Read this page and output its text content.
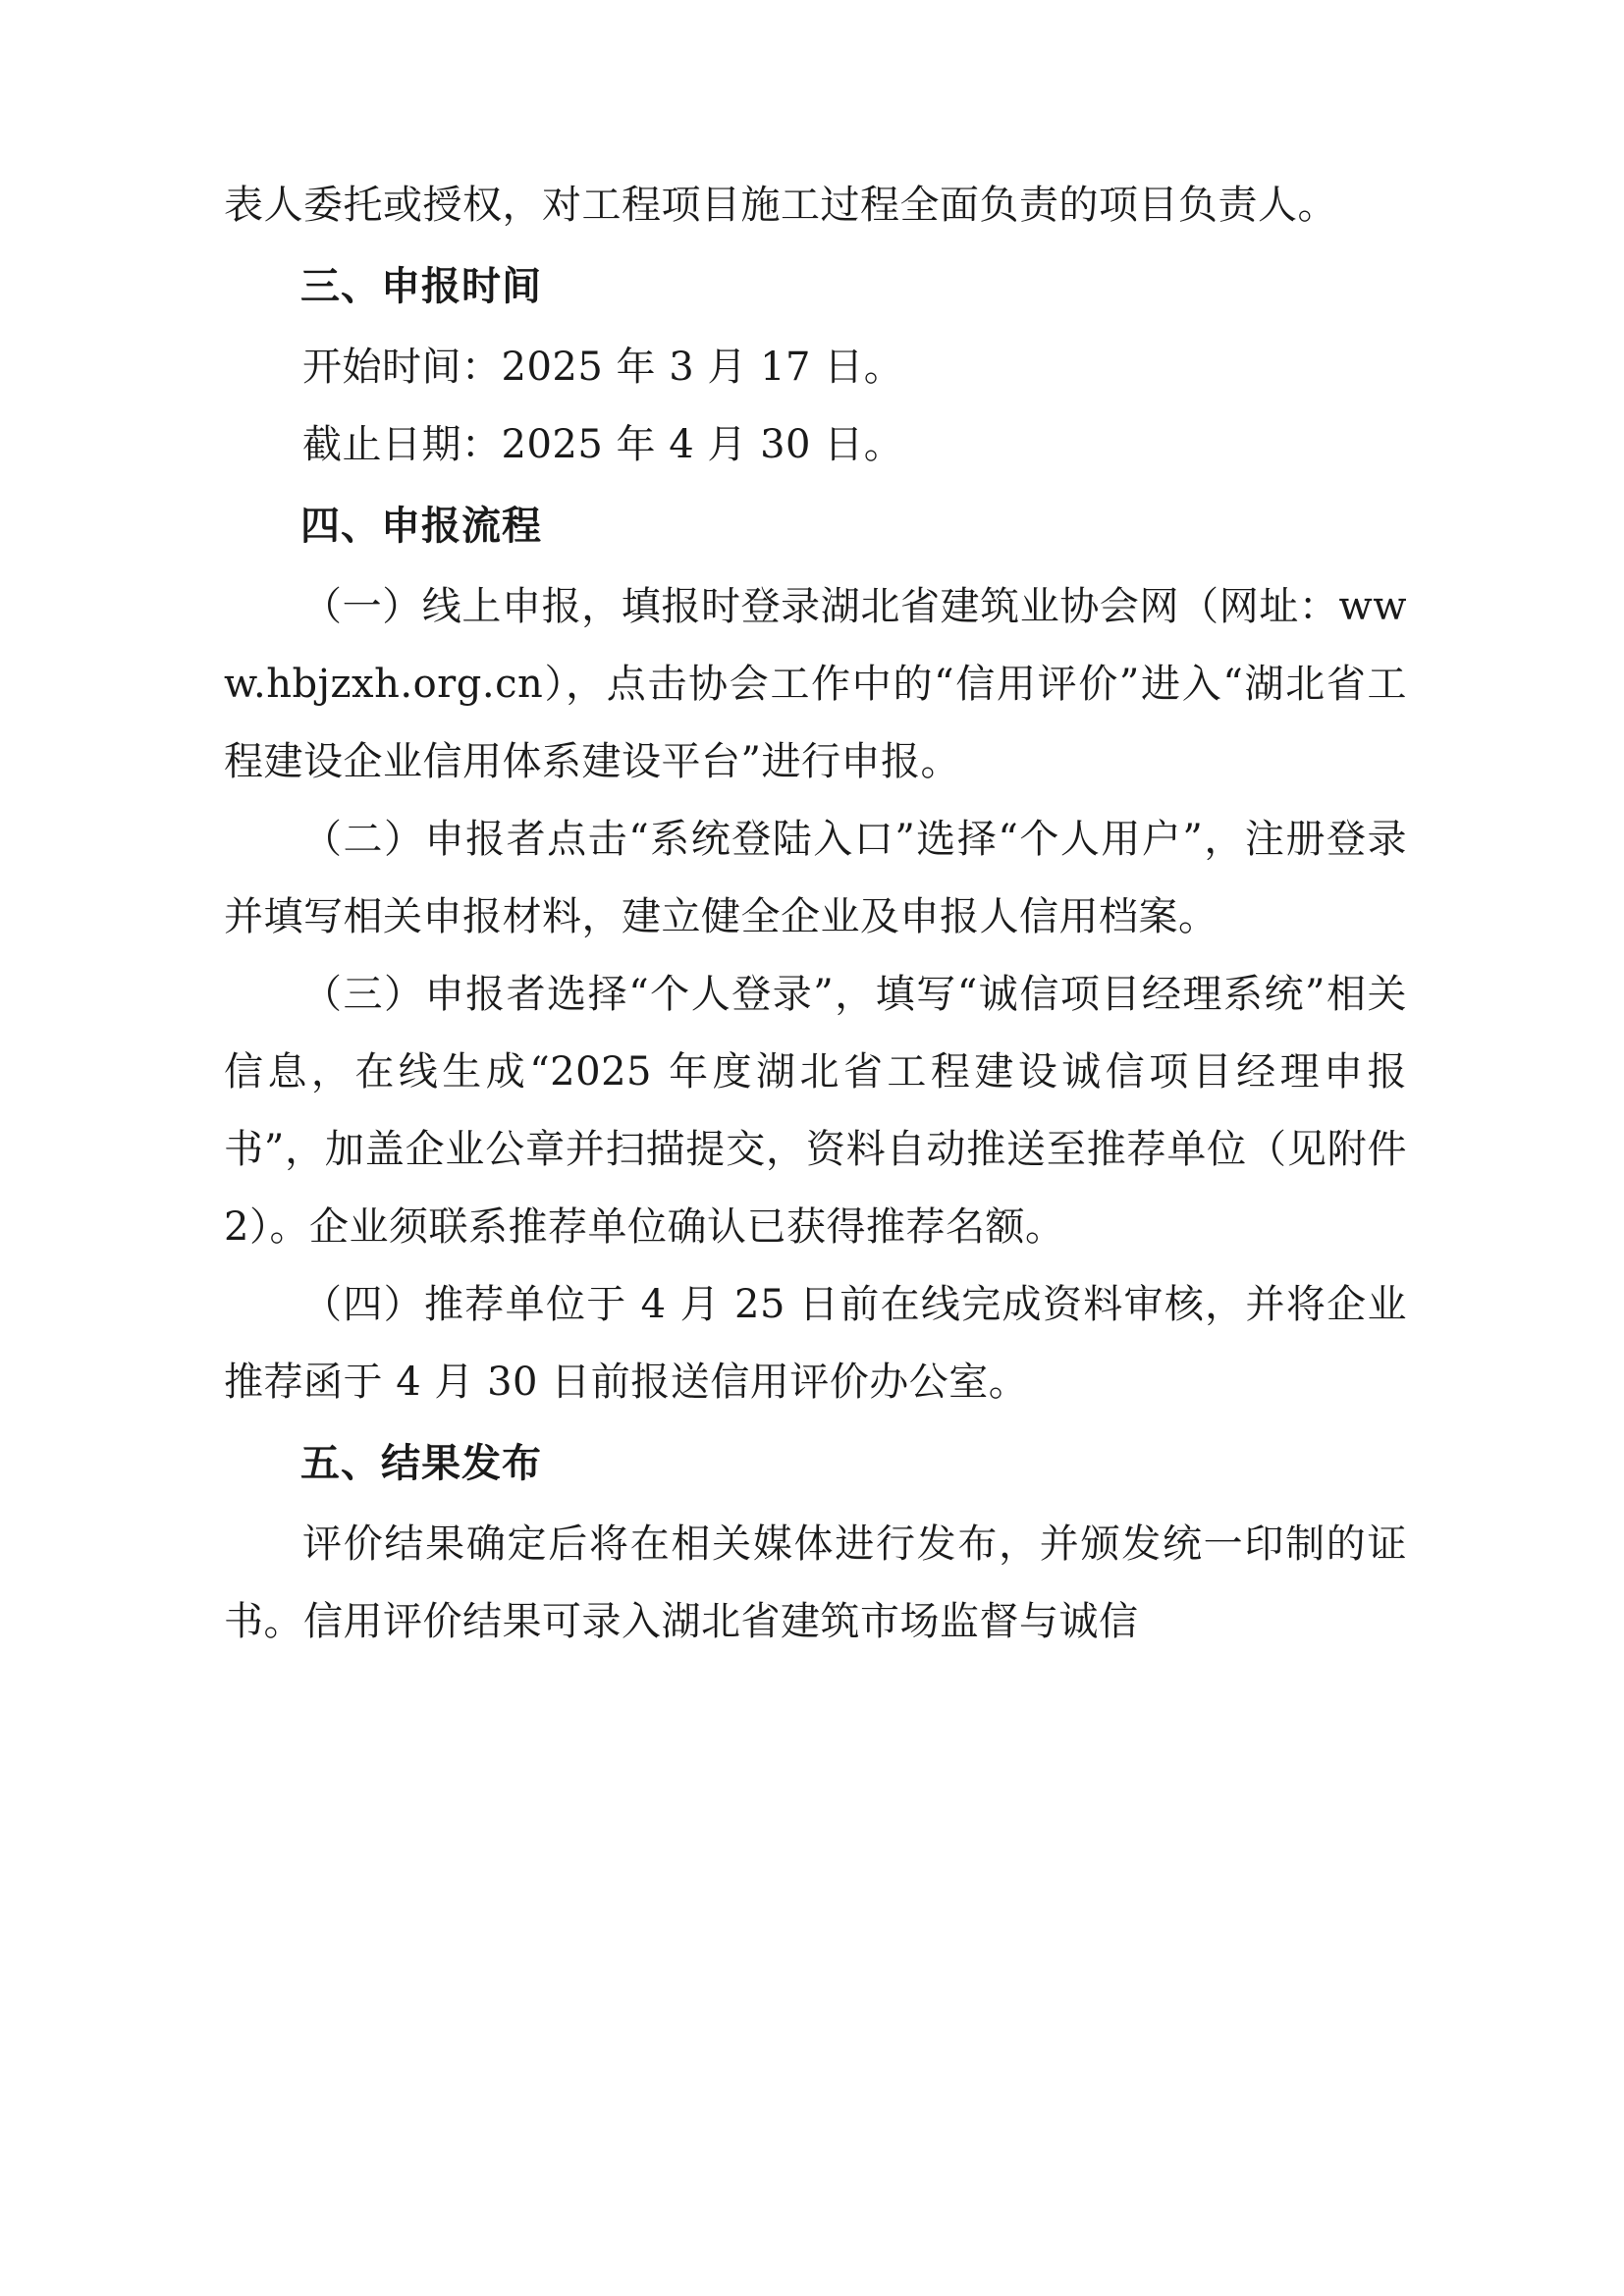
表人委托或授权，对工程项目施工过程全面负责的项目负责人。

三、申报时间

开始时间：2025 年 3 月 17 日。

截止日期：2025 年 4 月 30 日。

四、申报流程

（一）线上申报，填报时登录湖北省建筑业协会网（网址：www.hbjzxh.org.cn），点击协会工作中的“信用评价”进入“湖北省工程建设企业信用体系建设平台”进行申报。

（二）申报者点击“系统登陆入口”选择“个人用户”，注册登录并填写相关申报材料，建立健全企业及申报人信用档案。

（三）申报者选择“个人登录”，填写“诚信项目经理系统”相关信息，在线生成“2025 年度湖北省工程建设诚信项目经理申报书”，加盖企业公章并扫描提交，资料自动推送至推荐单位（见附件 2）。企业须联系推荐单位确认已获得推荐名额。

（四）推荐单位于 4 月 25 日前在线完成资料审核，并将企业推荐函于 4 月 30 日前报送信用评价办公室。

五、结果发布

评价结果确定后将在相关媒体进行发布，并颁发统一印制的证书。信用评价结果可录入湖北省建筑市场监督与诚信
